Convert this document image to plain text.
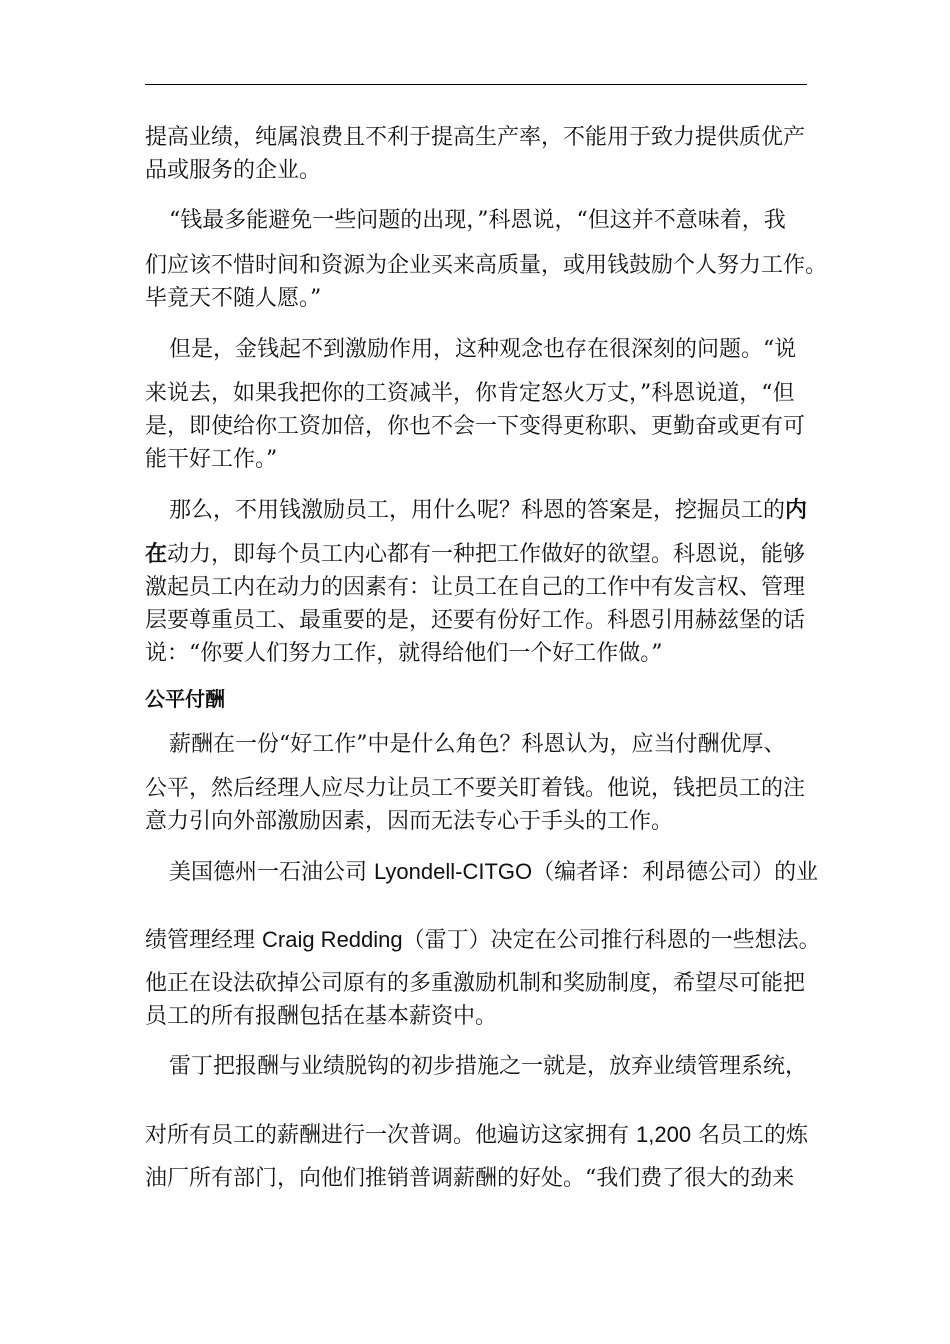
提高业绩，纯属浪费且不利于提高生产率，不能用于致力提供质优产
品或服务的企业。
“钱最多能避免一些问题的出现，”科恩说，“但这并不意味着，我
们应该不惜时间和资源为企业买来高质量，或用钱鼓励个人努力工作。
毕竟天不随人愿。”
但是，金钱起不到激励作用，这种观念也存在很深刻的问题。“说
来说去，如果我把你的工资减半，你肯定怒火万丈，”科恩说道，“但
是，即使给你工资加倍，你也不会一下变得更称职、更勤奋或更有可
能干好工作。”
那么，不用钱激励员工，用什么呢？科恩的答案是，挖掘员工的内
在动力，即每个员工内心都有一种把工作做好的欲望。科恩说，能够
激起员工内在动力的因素有：让员工在自己的工作中有发言权、管理
层要尊重员工、最重要的是，还要有份好工作。科恩引用赫兹堡的话
说：“你要人们努力工作，就得给他们一个好工作做。”
公平付酬
薪酬在一份“好工作”中是什么角色？科恩认为，应当付酬优厚、
公平，然后经理人应尽力让员工不要关盯着钱。他说，钱把员工的注
意力引向外部激励因素，因而无法专心于手头的工作。
美国德州一石油公司 Lyondell-CITGO（编者译：利昂德公司）的业
绩管理经理 Craig Redding（雷丁）决定在公司推行科恩的一些想法。
他正在设法砍掉公司原有的多重激励机制和奖励制度，希望尽可能把
员工的所有报酬包括在基本薪资中。
雷丁把报酬与业绩脱钩的初步措施之一就是，放弃业绩管理系统，
对所有员工的薪酬进行一次普调。他遍访这家拥有 1,200 名员工的炼
油厂所有部门，向他们推销普调薪酬的好处。“我们费了很大的劲来
